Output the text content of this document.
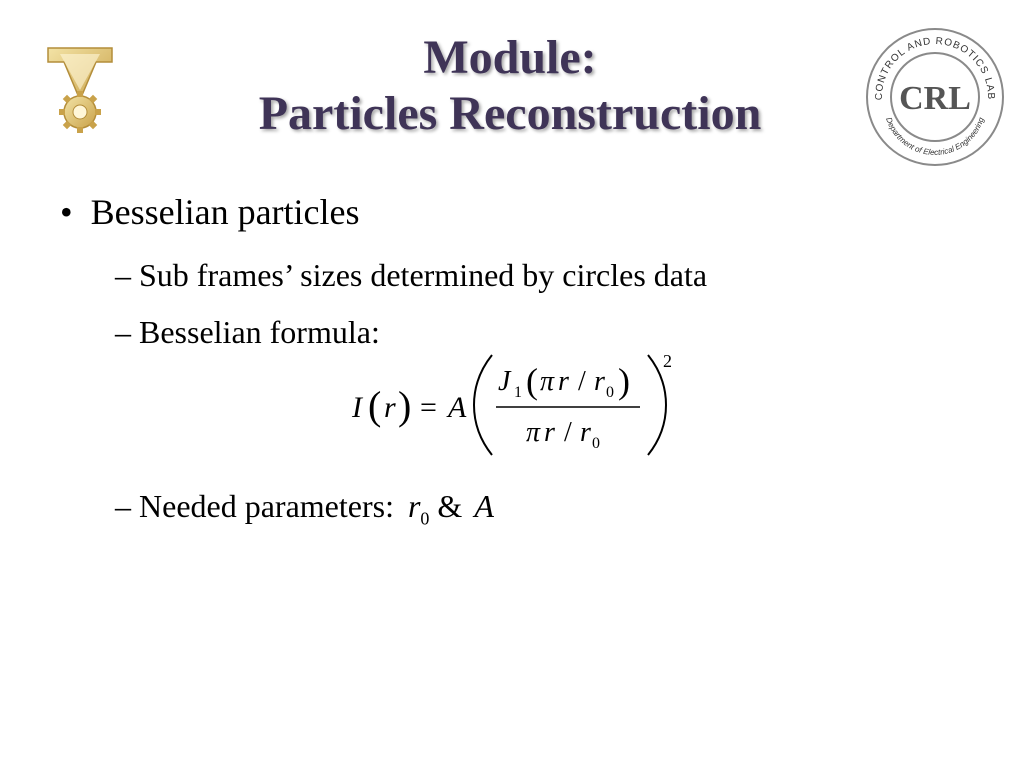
Module:
Particles Reconstruction	CONTROL AND ROBOTICS LAB
Department of Electrical Engineering
CRL
• Besselian particles
– Sub frames’ sizes determined by circles data
– Besselian formula:
I ( r ) = A
2
J 1 ( π r / r 0 )
π r / r 0
– Needed parameters: $r_0$ & A
